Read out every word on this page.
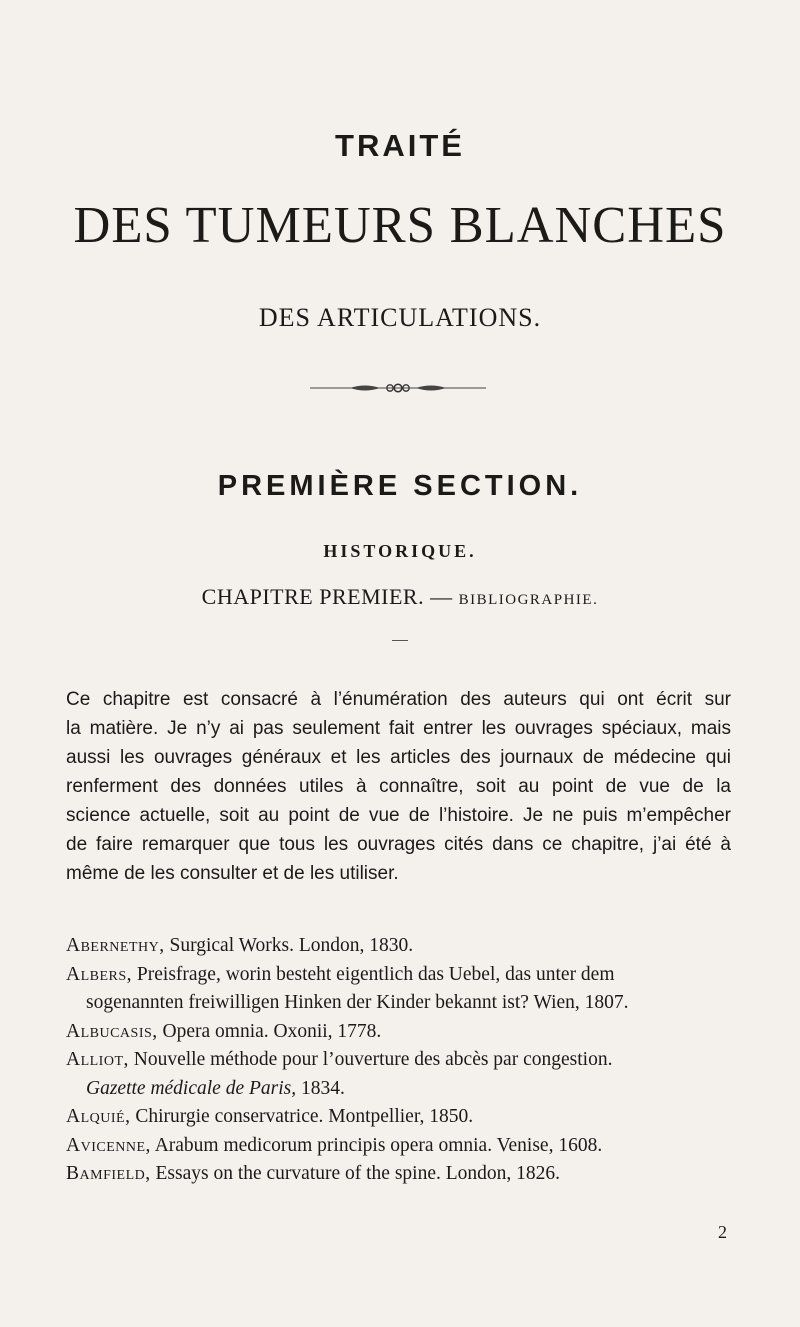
TRAITÉ
DES TUMEURS BLANCHES
DES ARTICULATIONS.
PREMIÈRE SECTION.
HISTORIQUE.
CHAPITRE PREMIER. — BIBLIOGRAPHIE.
Ce chapitre est consacré à l’énumération des auteurs qui ont écrit sur
la matière. Je n’y ai pas seulement fait entrer les ouvrages spéciaux, mais
aussi les ouvrages généraux et les articles des journaux de médecine qui
renferment des données utiles à connaître, soit au point de vue de la
science actuelle, soit au point de vue de l’histoire. Je ne puis m’empêcher
de faire remarquer que tous les ouvrages cités dans ce chapitre, j’ai été à
même de les consulter et de les utiliser.
Abernethy, Surgical Works. London, 1830.
Albers, Preisfrage, worin besteht eigentlich das Uebel, das unter dem
sogenannten freiwilligen Hinken der Kinder bekannt ist? Wien, 1807.
Albucasis, Opera omnia. Oxonii, 1778.
Alliot, Nouvelle méthode pour l’ouverture des abcès par congestion.
Gazette médicale de Paris, 1834.
Alquié, Chirurgie conservatrice. Montpellier, 1850.
Avicenne, Arabum medicorum principis opera omnia. Venise, 1608.
Bamfield, Essays on the curvature of the spine. London, 1826.
2
